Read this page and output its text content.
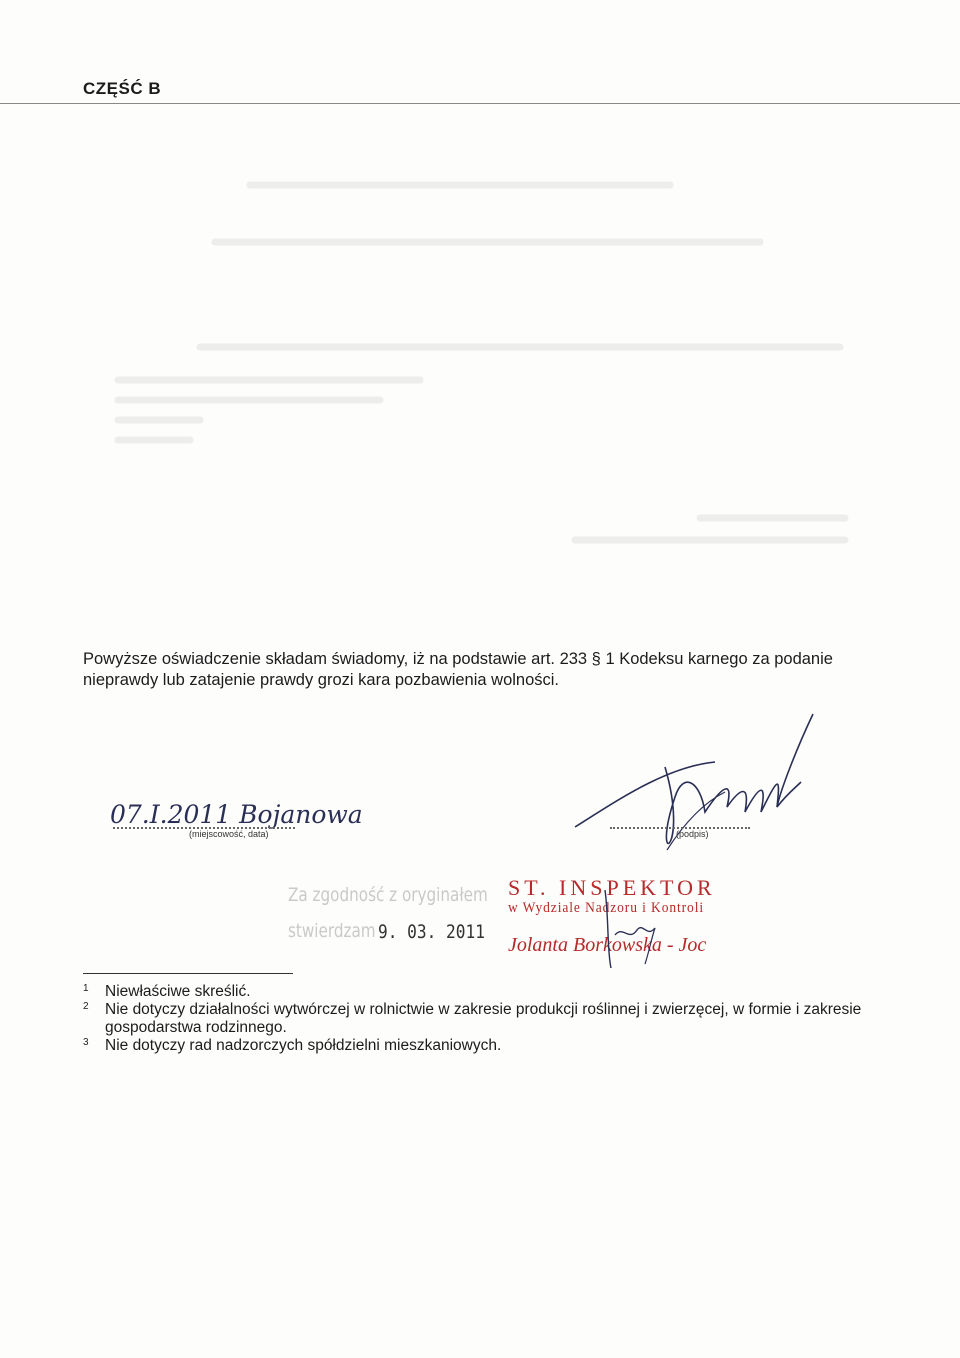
CZĘŚĆ B
Powyższe oświadczenie składam świadomy, iż na podstawie art. 233 § 1 Kodeksu karnego za podanie
nieprawdy lub zatajenie prawdy grozi kara pozbawienia wolności.
07.I.2011 Bojanowa
(miejscowość, data)	(podpis)
Za zgodność z oryginałem
stwierdzam 9. 03. 2011
ST. INSPEKTOR
w Wydziale Nadzoru i Kontroli
Jolanta Borkowska - Joc
1 Niewłaściwe skreślić.
2 Nie dotyczy działalności wytwórczej w rolnictwie w zakresie produkcji roślinnej i zwierzęcej, w formie i zakresie gospodarstwa rodzinnego.
3 Nie dotyczy rad nadzorczych spółdzielni mieszkaniowych.
